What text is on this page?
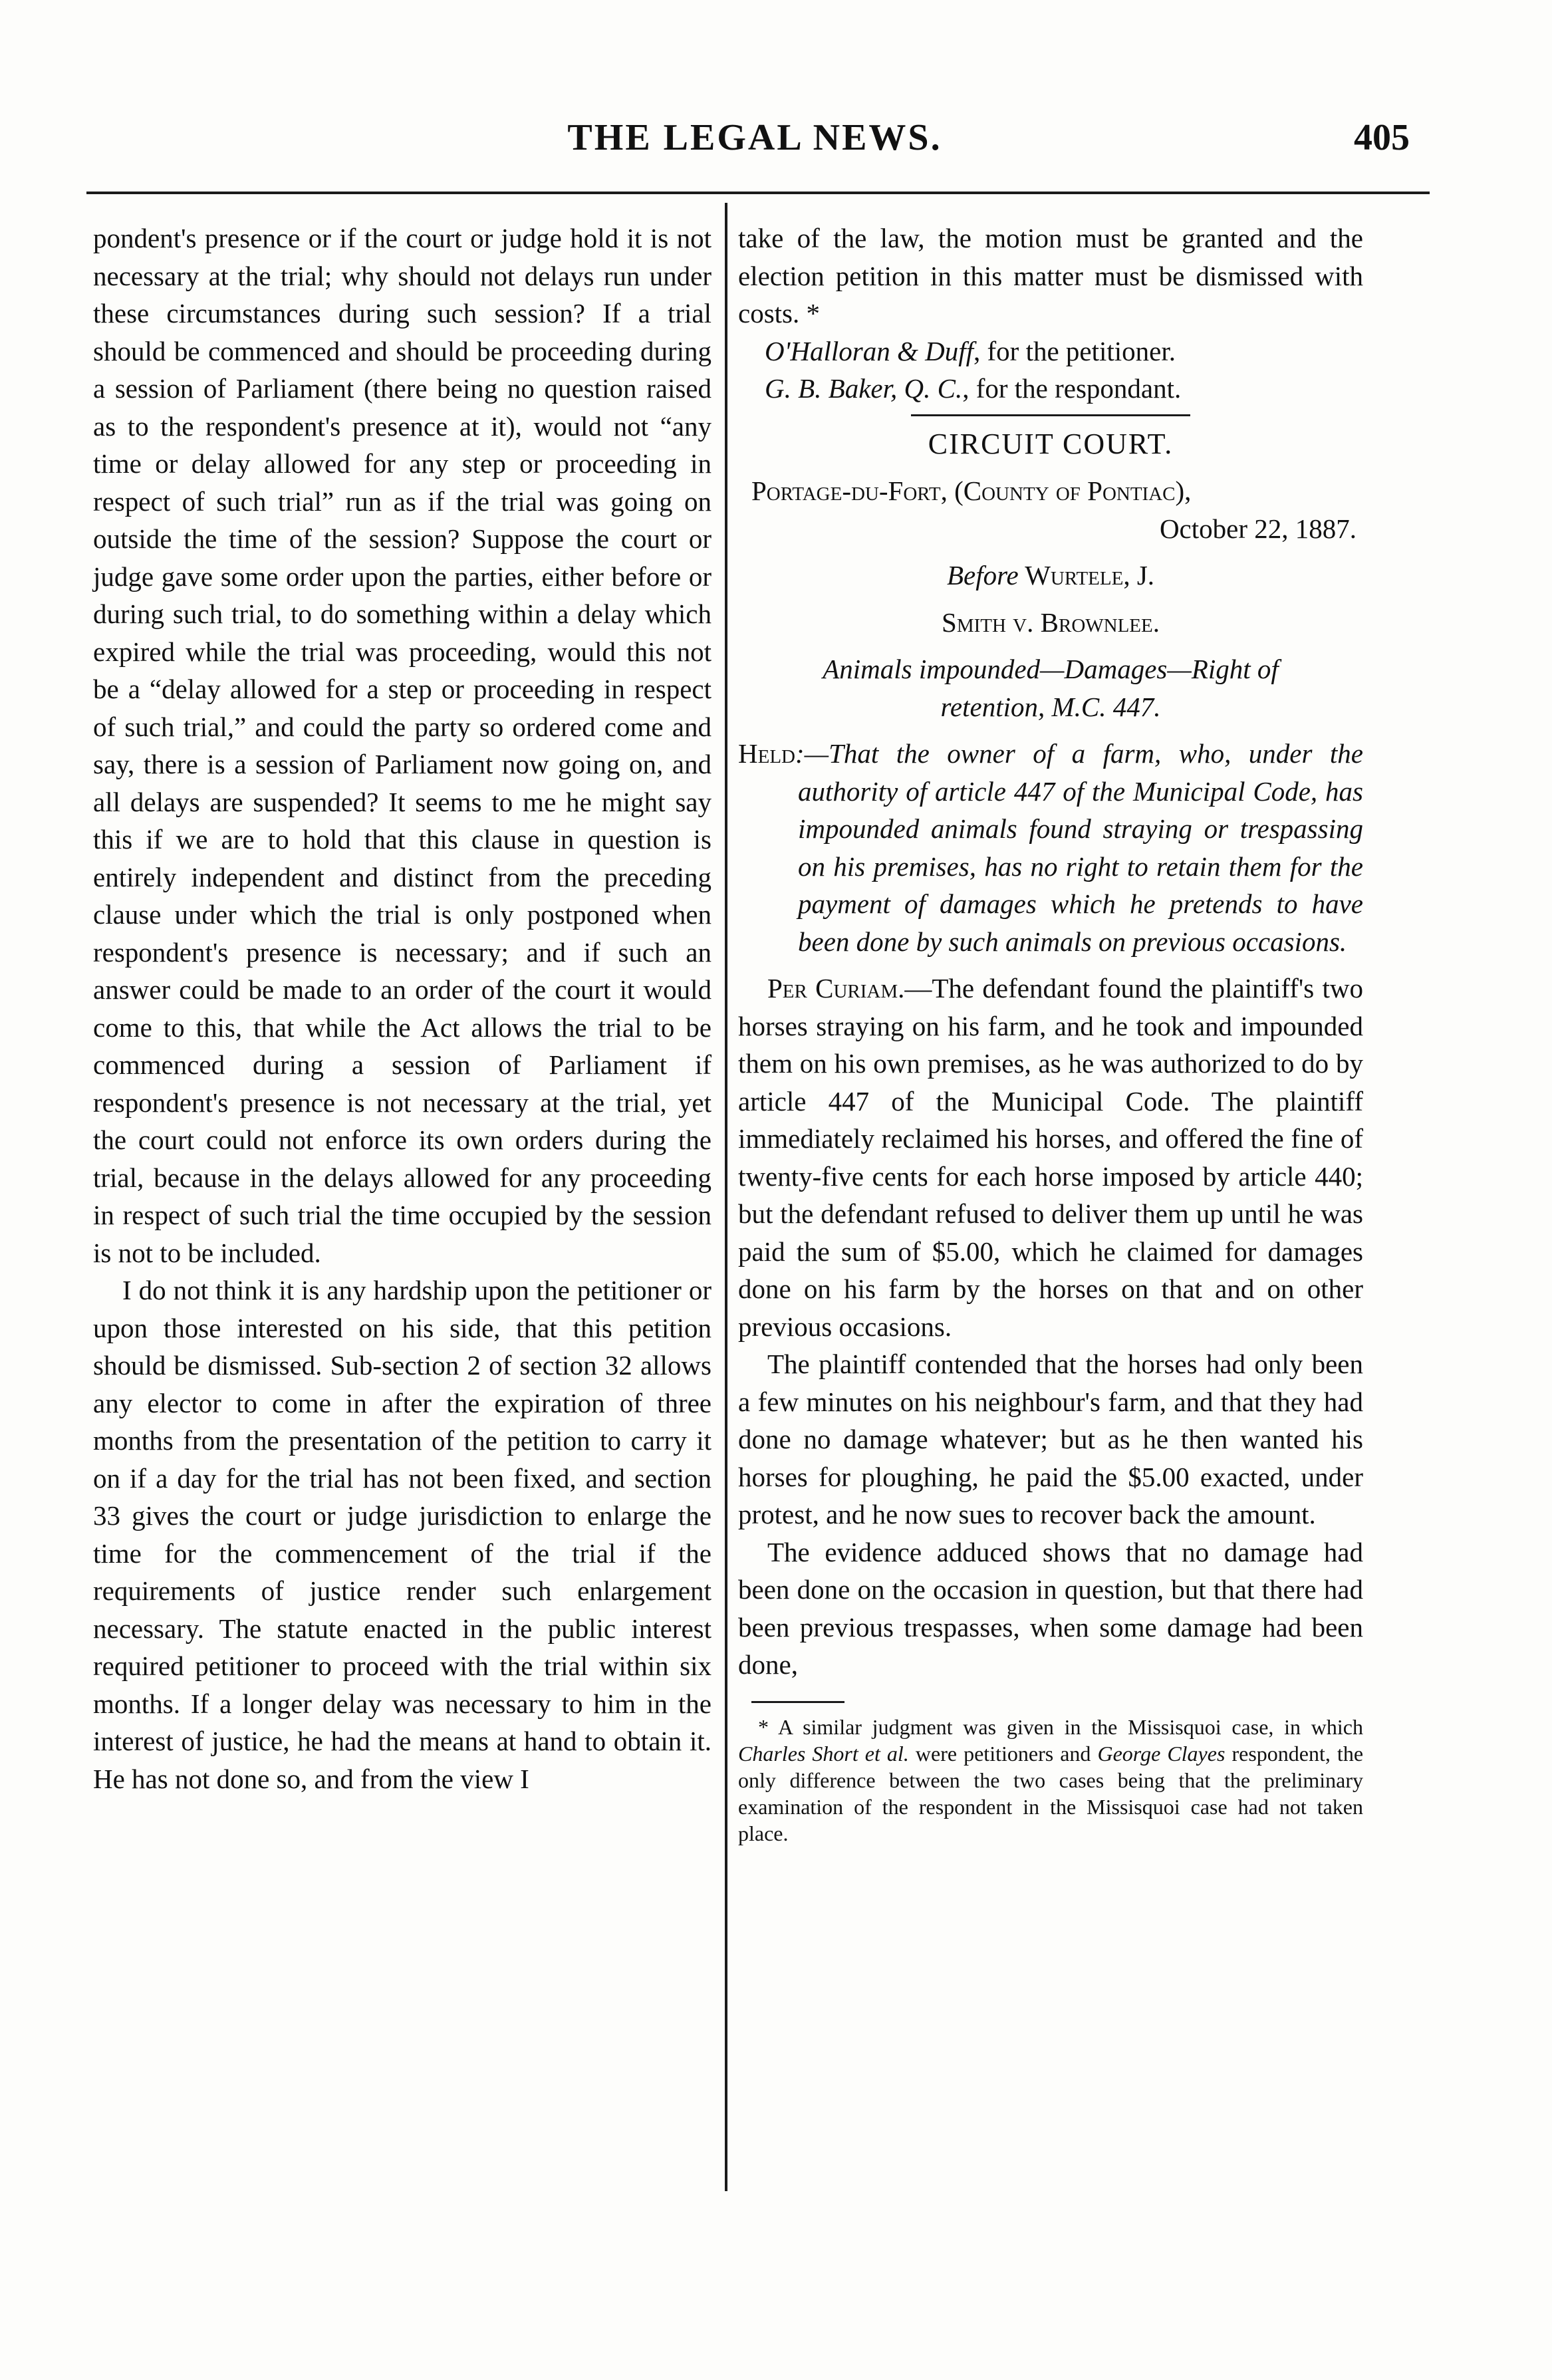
THE LEGAL NEWS.	405

pondent's presence or if the court or judge hold it is not necessary at the trial; why should not delays run under these circumstances during such session? If a trial should be commenced and should be proceeding during a session of Parliament (there being no question raised as to the respondent's presence at it), would not “any time or delay allowed for any step or proceeding in respect of such trial” run as if the trial was going on outside the time of the session? Suppose the court or judge gave some order upon the parties, either before or during such trial, to do something within a delay which expired while the trial was proceeding, would this not be a “delay allowed for a step or proceeding in respect of such trial,” and could the party so ordered come and say, there is a session of Parliament now going on, and all delays are suspended? It seems to me he might say this if we are to hold that this clause in question is entirely independent and distinct from the preceding clause under which the trial is only postponed when respondent's presence is necessary; and if such an answer could be made to an order of the court it would come to this, that while the Act allows the trial to be commenced during a session of Parliament if respondent's presence is not necessary at the trial, yet the court could not enforce its own orders during the trial, because in the delays allowed for any proceeding in respect of such trial the time occupied by the session is not to be included.

I do not think it is any hardship upon the petitioner or upon those interested on his side, that this petition should be dismissed. Sub-section 2 of section 32 allows any elector to come in after the expiration of three months from the presentation of the petition to carry it on if a day for the trial has not been fixed, and section 33 gives the court or judge jurisdiction to enlarge the time for the commencement of the trial if the requirements of justice render such enlargement necessary. The statute enacted in the public interest required petitioner to proceed with the trial within six months. If a longer delay was necessary to him in the interest of justice, he had the means at hand to obtain it. He has not done so, and from the view I

take of the law, the motion must be granted and the election petition in this matter must be dismissed with costs. *

O'Halloran & Duff, for the petitioner.

G. B. Baker, Q. C., for the respondant.

CIRCUIT COURT.

Portage-du-Fort, (County of Pontiac),

October 22, 1887.

Before Wurtele, J.

Smith v. Brownlee.

Animals impounded—Damages—Right of

retention, M.C. 447.

Held:—That the owner of a farm, who, under the authority of article 447 of the Municipal Code, has impounded animals found straying or trespassing on his premises, has no right to retain them for the payment of damages which he pretends to have been done by such animals on previous occasions.

Per Curiam.—The defendant found the plaintiff's two horses straying on his farm, and he took and impounded them on his own premises, as he was authorized to do by article 447 of the Municipal Code. The plaintiff immediately reclaimed his horses, and offered the fine of twenty-five cents for each horse imposed by article 440; but the defendant refused to deliver them up until he was paid the sum of $5.00, which he claimed for damages done on his farm by the horses on that and on other previous occasions.

The plaintiff contended that the horses had only been a few minutes on his neighbour's farm, and that they had done no damage whatever; but as he then wanted his horses for ploughing, he paid the $5.00 exacted, under protest, and he now sues to recover back the amount.

The evidence adduced shows that no damage had been done on the occasion in question, but that there had been previous trespasses, when some damage had been done,

* A similar judgment was given in the Missisquoi case, in which Charles Short et al. were petitioners and George Clayes respondent, the only difference between the two cases being that the preliminary examination of the respondent in the Missisquoi case had not taken place.
